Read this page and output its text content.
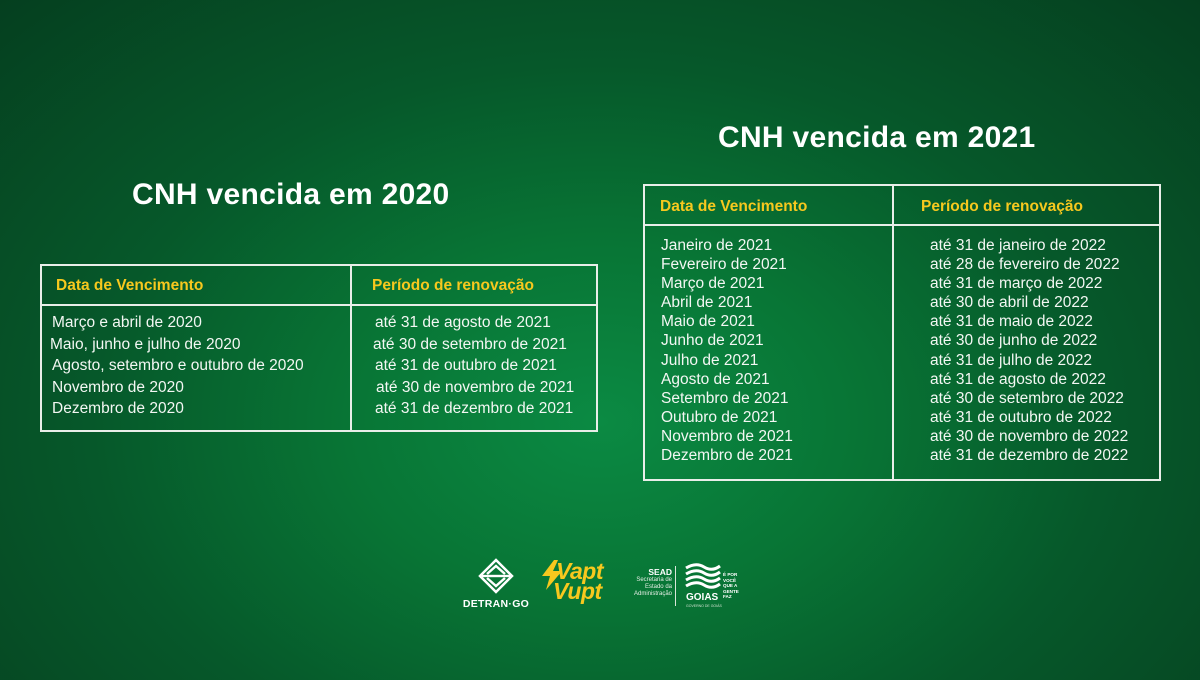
CNH vencida em 2020
CNH vencida em 2021
Data de Vencimento	Período de renovação
Março e abril de 2020	até 31 de agosto de 2021
Maio, junho e julho de 2020	até 30 de setembro de 2021
Agosto, setembro e outubro de 2020	até 31 de outubro de 2021
Novembro de 2020	até 30 de novembro de 2021
Dezembro de 2020	até 31 de dezembro de 2021
Data de Vencimento	Período de renovação
Janeiro de 2021	até 31 de janeiro de 2022
Fevereiro de 2021	até 28 de fevereiro de 2022
Março de 2021	até 31 de março de 2022
Abril de 2021	até 30 de abril de 2022
Maio de 2021	até 31 de maio de 2022
Junho de 2021	até 30 de junho de 2022
Julho de 2021	até 31 de julho de 2022
Agosto de 2021	até 31 de agosto de 2022
Setembro de 2021	até 30 de setembro de 2022
Outubro de 2021	até 31 de outubro de 2022
Novembro de 2021	até 30 de novembro de 2022
Dezembro de 2021	até 31 de dezembro de 2022
DETRAN·GO
Vapt
Vupt
SEAD
Secretaria de
Estado da
Administração
É POR VOCÊ QUE A GENTE FAZ
GOIAS
GOVERNO DE GOIÁS
